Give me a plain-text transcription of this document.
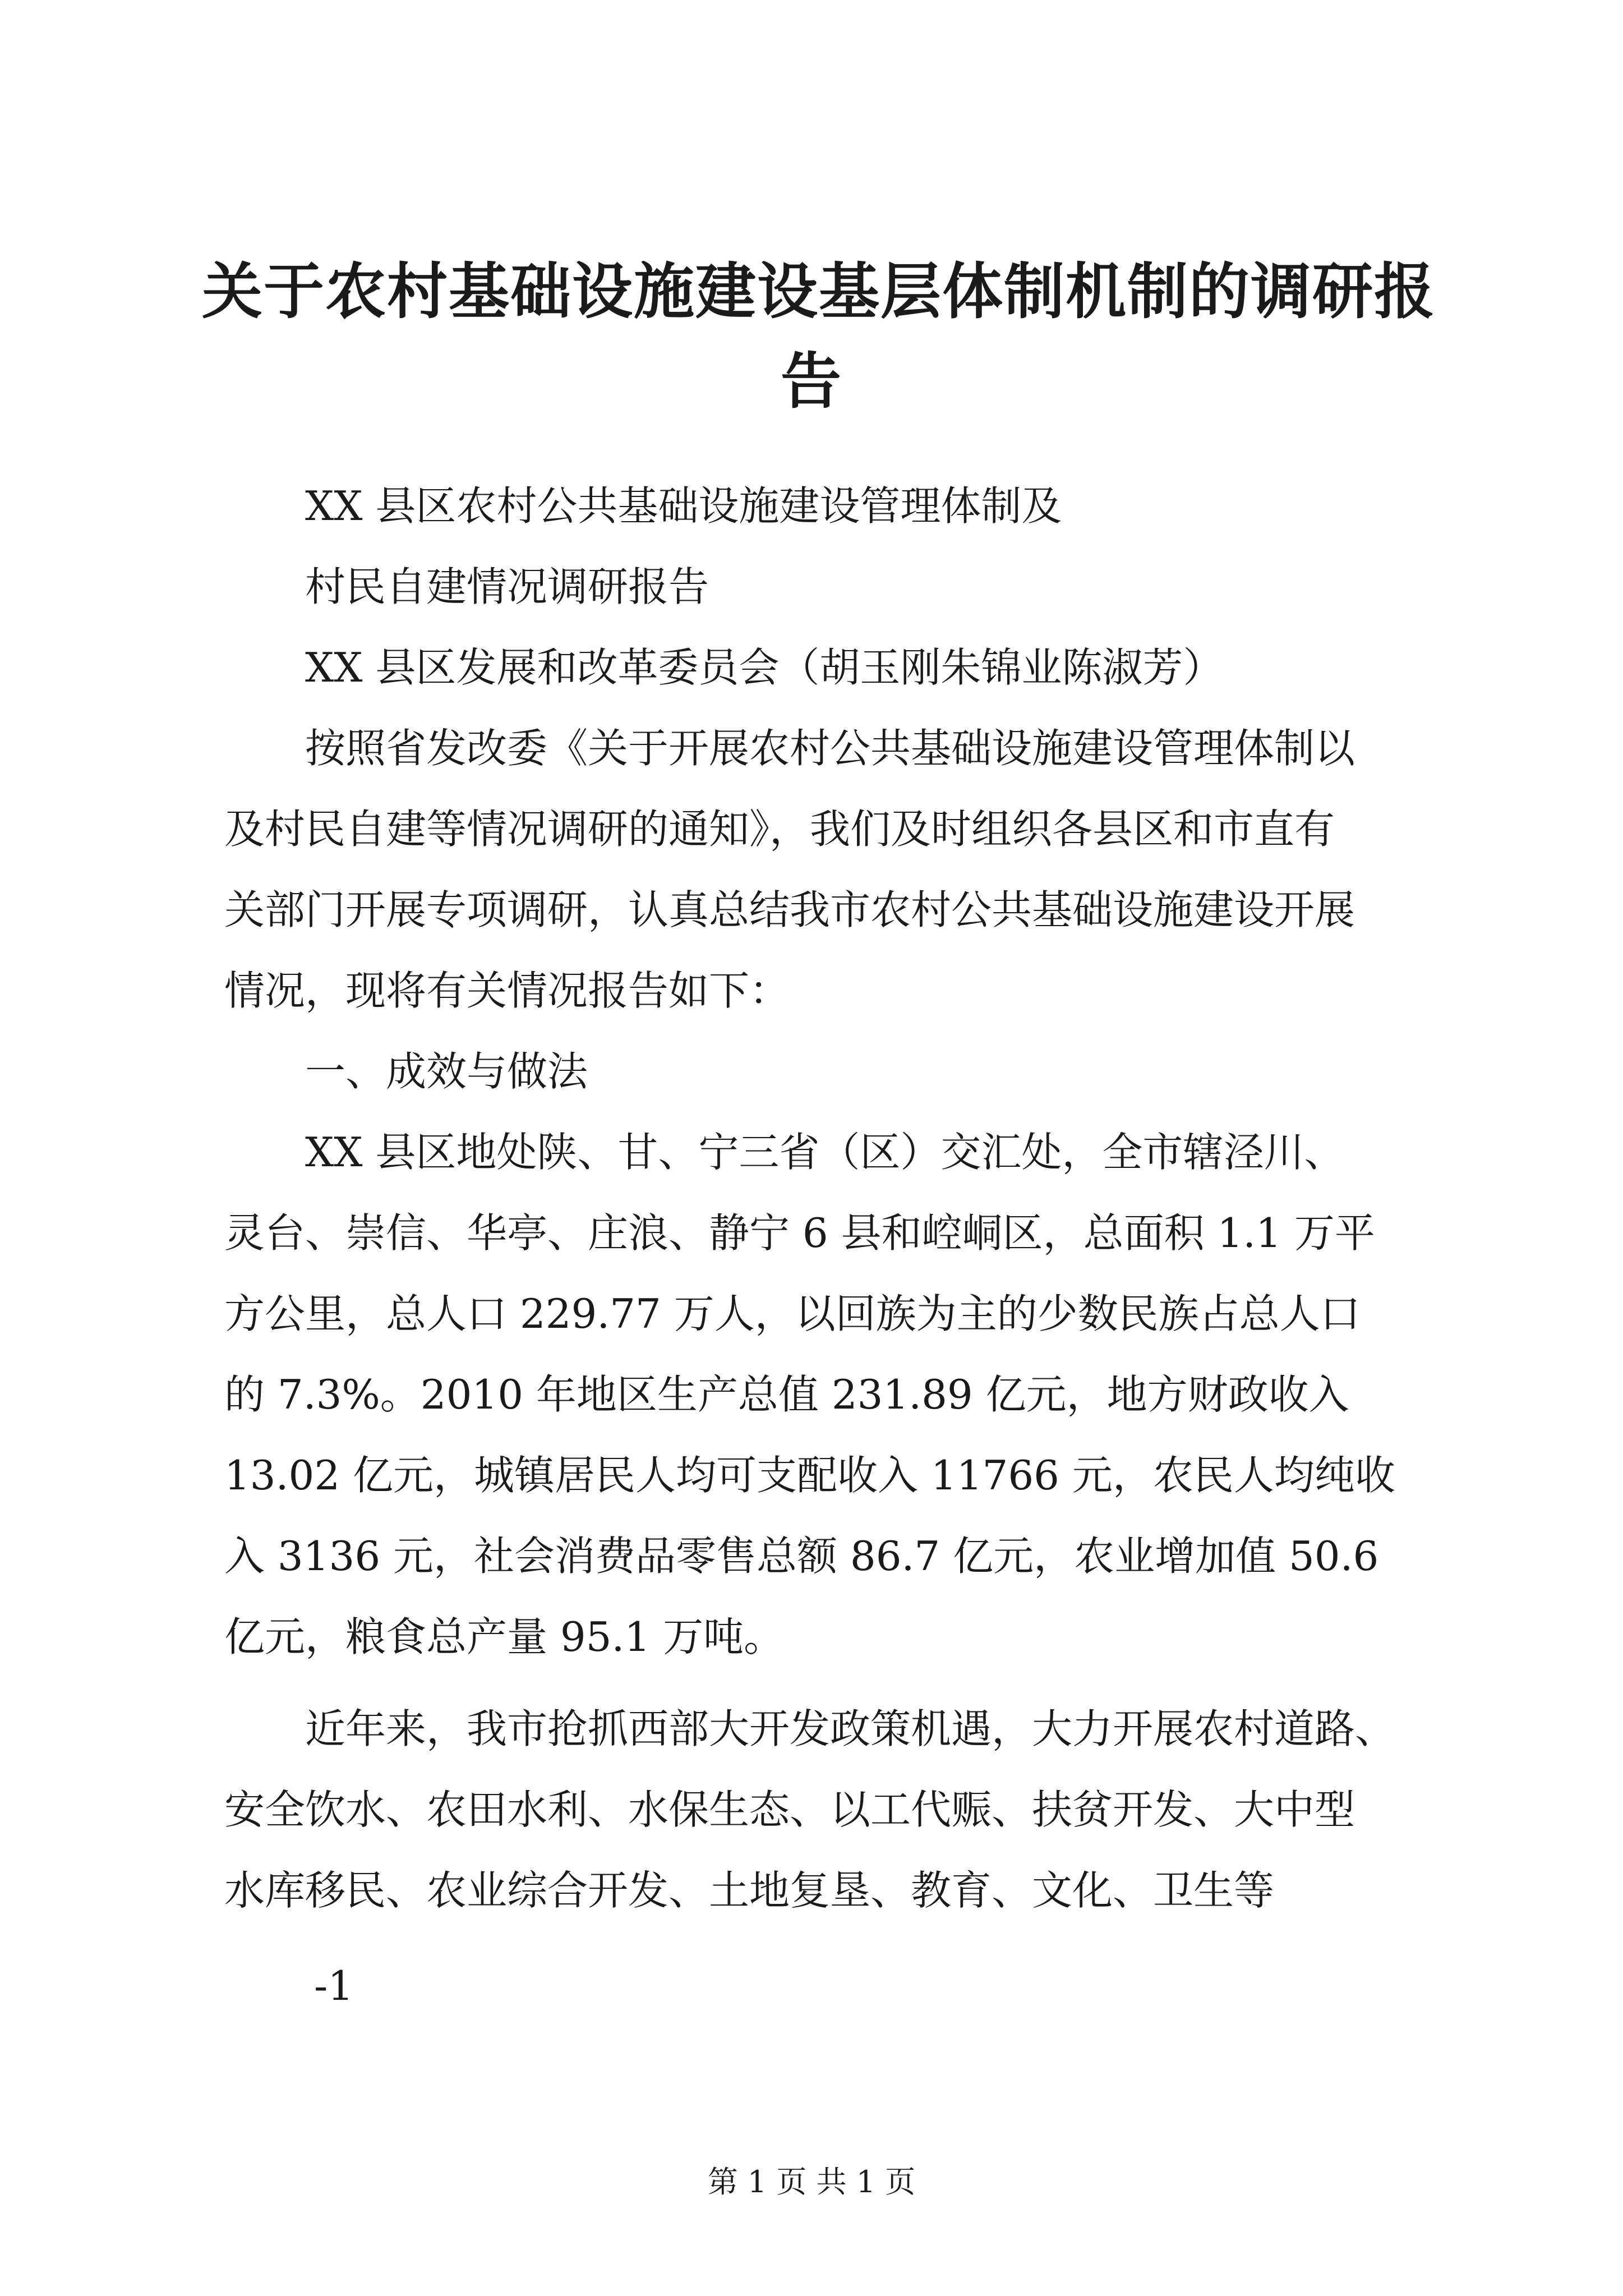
关于农村基础设施建设基层体制机制的调研报
告
XX 县区农村公共基础设施建设管理体制及
村民自建情况调研报告
XX 县区发展和改革委员会（胡玉刚朱锦业陈淑芳）
按照省发改委《关于开展农村公共基础设施建设管理体制以
及村民自建等情况调研的通知》，我们及时组织各县区和市直有
关部门开展专项调研，认真总结我市农村公共基础设施建设开展
情况，现将有关情况报告如下：
一、成效与做法
XX 县区地处陕、甘、宁三省（区）交汇处，全市辖泾川、
灵台、崇信、华亭、庄浪、静宁 6 县和崆峒区，总面积 1.1 万平
方公里，总人口 229.77 万人，以回族为主的少数民族占总人口
的 7.3%。2010 年地区生产总值 231.89 亿元，地方财政收入
13.02 亿元，城镇居民人均可支配收入 11766 元，农民人均纯收
入 3136 元，社会消费品零售总额 86.7 亿元，农业增加值 50.6
亿元，粮食总产量 95.1 万吨。
近年来，我市抢抓西部大开发政策机遇，大力开展农村道路、
安全饮水、农田水利、水保生态、以工代赈、扶贫开发、大中型
水库移民、农业综合开发、土地复垦、教育、文化、卫生等
-1
第 1 页 共 1 页
